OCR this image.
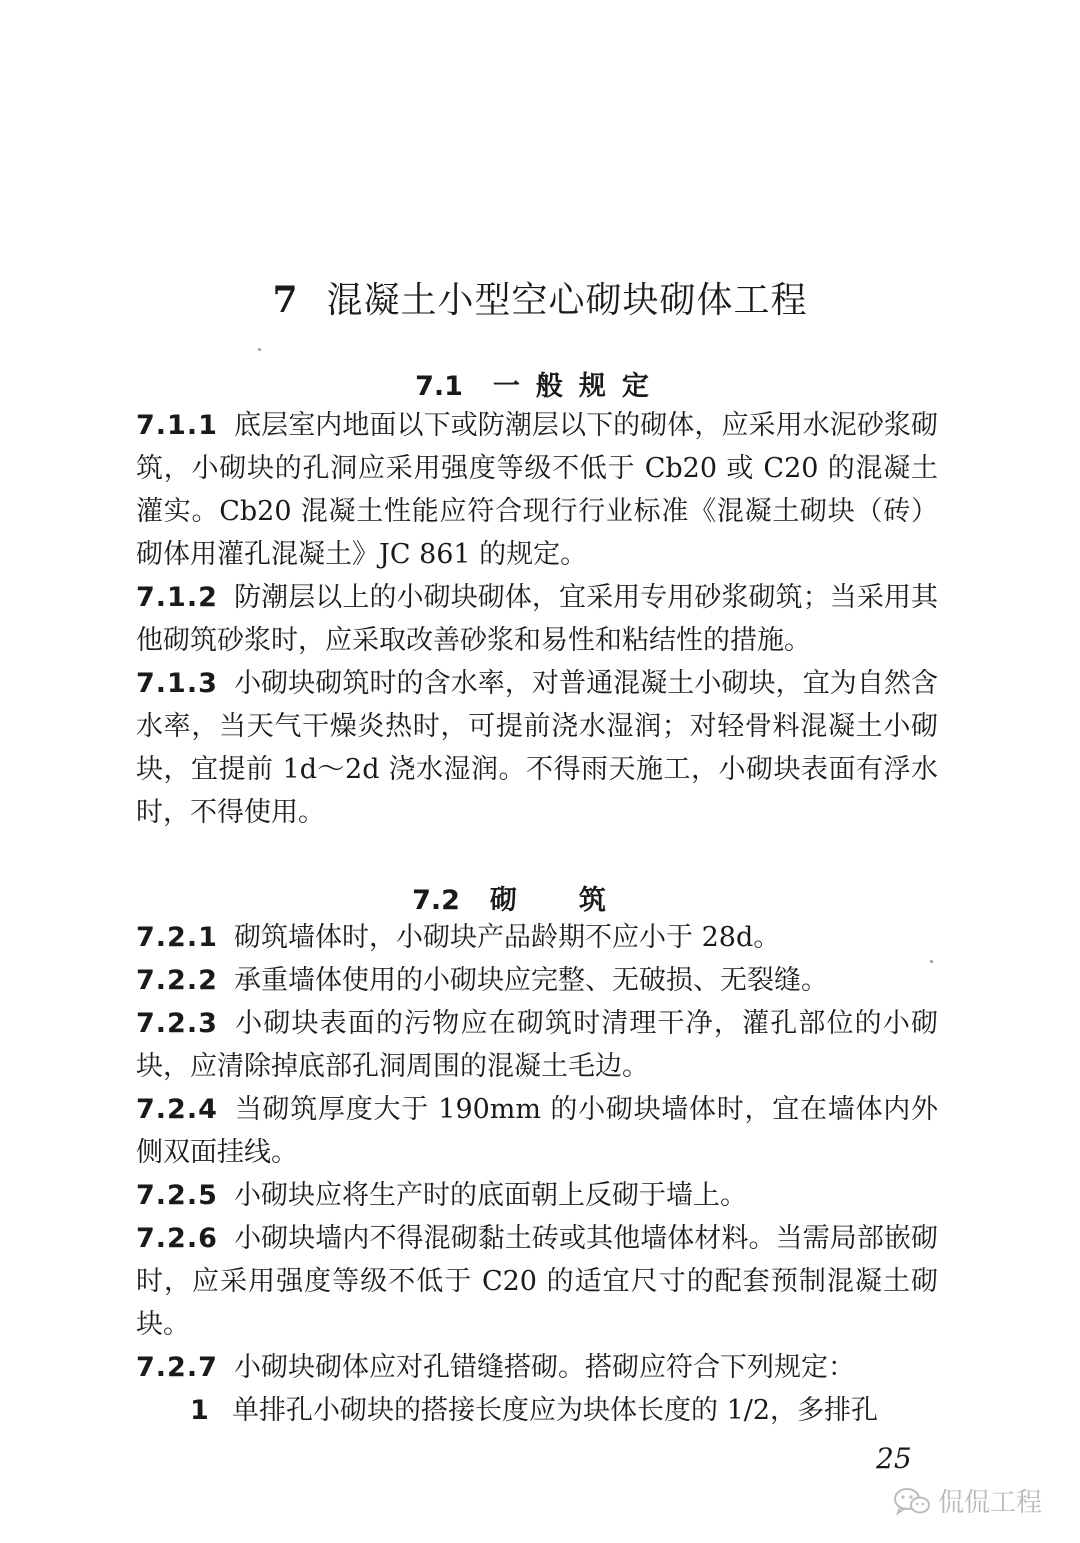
7 混凝土小型空心砌块砌体工程
7.1 一般规定

7.1.1 底层室内地面以下或防潮层以下的砌体，应采用水泥砂浆砌筑，小砌块的孔洞应采用强度等级不低于 Cb20 或 C20 的混凝土灌实。Cb20 混凝土性能应符合现行行业标准《混凝土砌块（砖）砌体用灌孔混凝土》JC 861 的规定。

7.1.2 防潮层以上的小砌块砌体，宜采用专用砂浆砌筑；当采用其他砌筑砂浆时，应采取改善砂浆和易性和粘结性的措施。

7.1.3 小砌块砌筑时的含水率，对普通混凝土小砌块，宜为自然含水率，当天气干燥炎热时，可提前浇水湿润；对轻骨料混凝土小砌块，宜提前 1d～2d 浇水湿润。不得雨天施工，小砌块表面有浮水时，不得使用。

7.2 砌筑

7.2.1 砌筑墙体时，小砌块产品龄期不应小于 28d。

7.2.2 承重墙体使用的小砌块应完整、无破损、无裂缝。

7.2.3 小砌块表面的污物应在砌筑时清理干净，灌孔部位的小砌块，应清除掉底部孔洞周围的混凝土毛边。

7.2.4 当砌筑厚度大于 190mm 的小砌块墙体时，宜在墙体内外侧双面挂线。

7.2.5 小砌块应将生产时的底面朝上反砌于墙上。

7.2.6 小砌块墙内不得混砌黏土砖或其他墙体材料。当需局部嵌砌时，应采用强度等级不低于 C20 的适宜尺寸的配套预制混凝土砌块。

7.2.7 小砌块砌体应对孔错缝搭砌。搭砌应符合下列规定：

1 单排孔小砌块的搭接长度应为块体长度的 1/2，多排孔

25
侃侃工程
